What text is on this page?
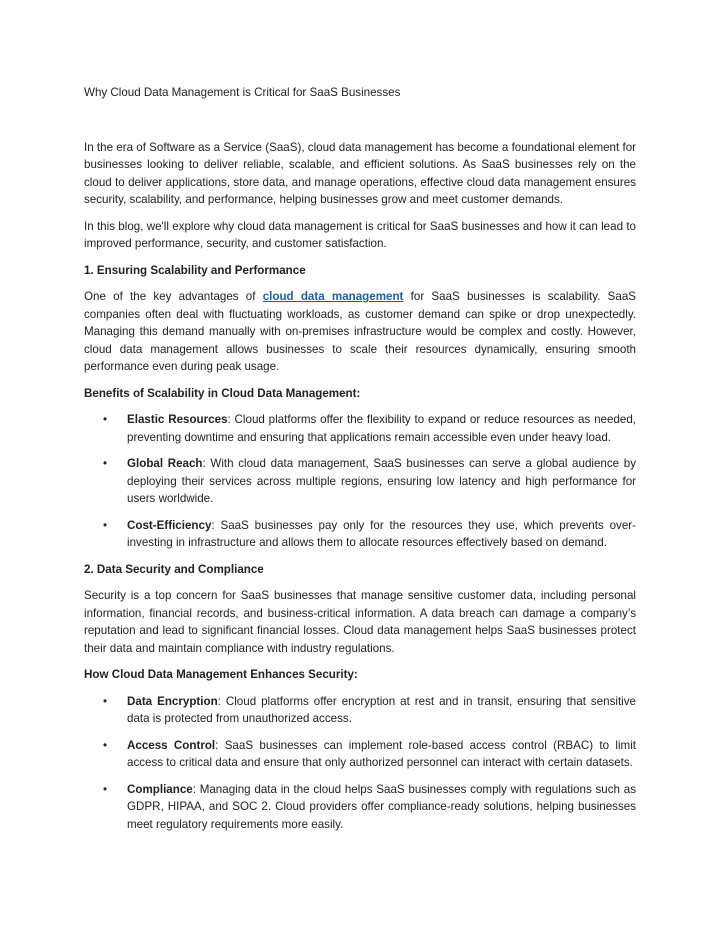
Why Cloud Data Management is Critical for SaaS Businesses

In the era of Software as a Service (SaaS), cloud data management has become a foundational element for businesses looking to deliver reliable, scalable, and efficient solutions. As SaaS businesses rely on the cloud to deliver applications, store data, and manage operations, effective cloud data management ensures security, scalability, and performance, helping businesses grow and meet customer demands.

In this blog, we'll explore why cloud data management is critical for SaaS businesses and how it can lead to improved performance, security, and customer satisfaction.

1. Ensuring Scalability and Performance

One of the key advantages of cloud data management for SaaS businesses is scalability. SaaS companies often deal with fluctuating workloads, as customer demand can spike or drop unexpectedly. Managing this demand manually with on-premises infrastructure would be complex and costly. However, cloud data management allows businesses to scale their resources dynamically, ensuring smooth performance even during peak usage.

Benefits of Scalability in Cloud Data Management:

• Elastic Resources: Cloud platforms offer the flexibility to expand or reduce resources as needed, preventing downtime and ensuring that applications remain accessible even under heavy load.
• Global Reach: With cloud data management, SaaS businesses can serve a global audience by deploying their services across multiple regions, ensuring low latency and high performance for users worldwide.
• Cost-Efficiency: SaaS businesses pay only for the resources they use, which prevents over-investing in infrastructure and allows them to allocate resources effectively based on demand.

2. Data Security and Compliance

Security is a top concern for SaaS businesses that manage sensitive customer data, including personal information, financial records, and business-critical information. A data breach can damage a company’s reputation and lead to significant financial losses. Cloud data management helps SaaS businesses protect their data and maintain compliance with industry regulations.

How Cloud Data Management Enhances Security:

• Data Encryption: Cloud platforms offer encryption at rest and in transit, ensuring that sensitive data is protected from unauthorized access.
• Access Control: SaaS businesses can implement role-based access control (RBAC) to limit access to critical data and ensure that only authorized personnel can interact with certain datasets.
• Compliance: Managing data in the cloud helps SaaS businesses comply with regulations such as GDPR, HIPAA, and SOC 2. Cloud providers offer compliance-ready solutions, helping businesses meet regulatory requirements more easily.
